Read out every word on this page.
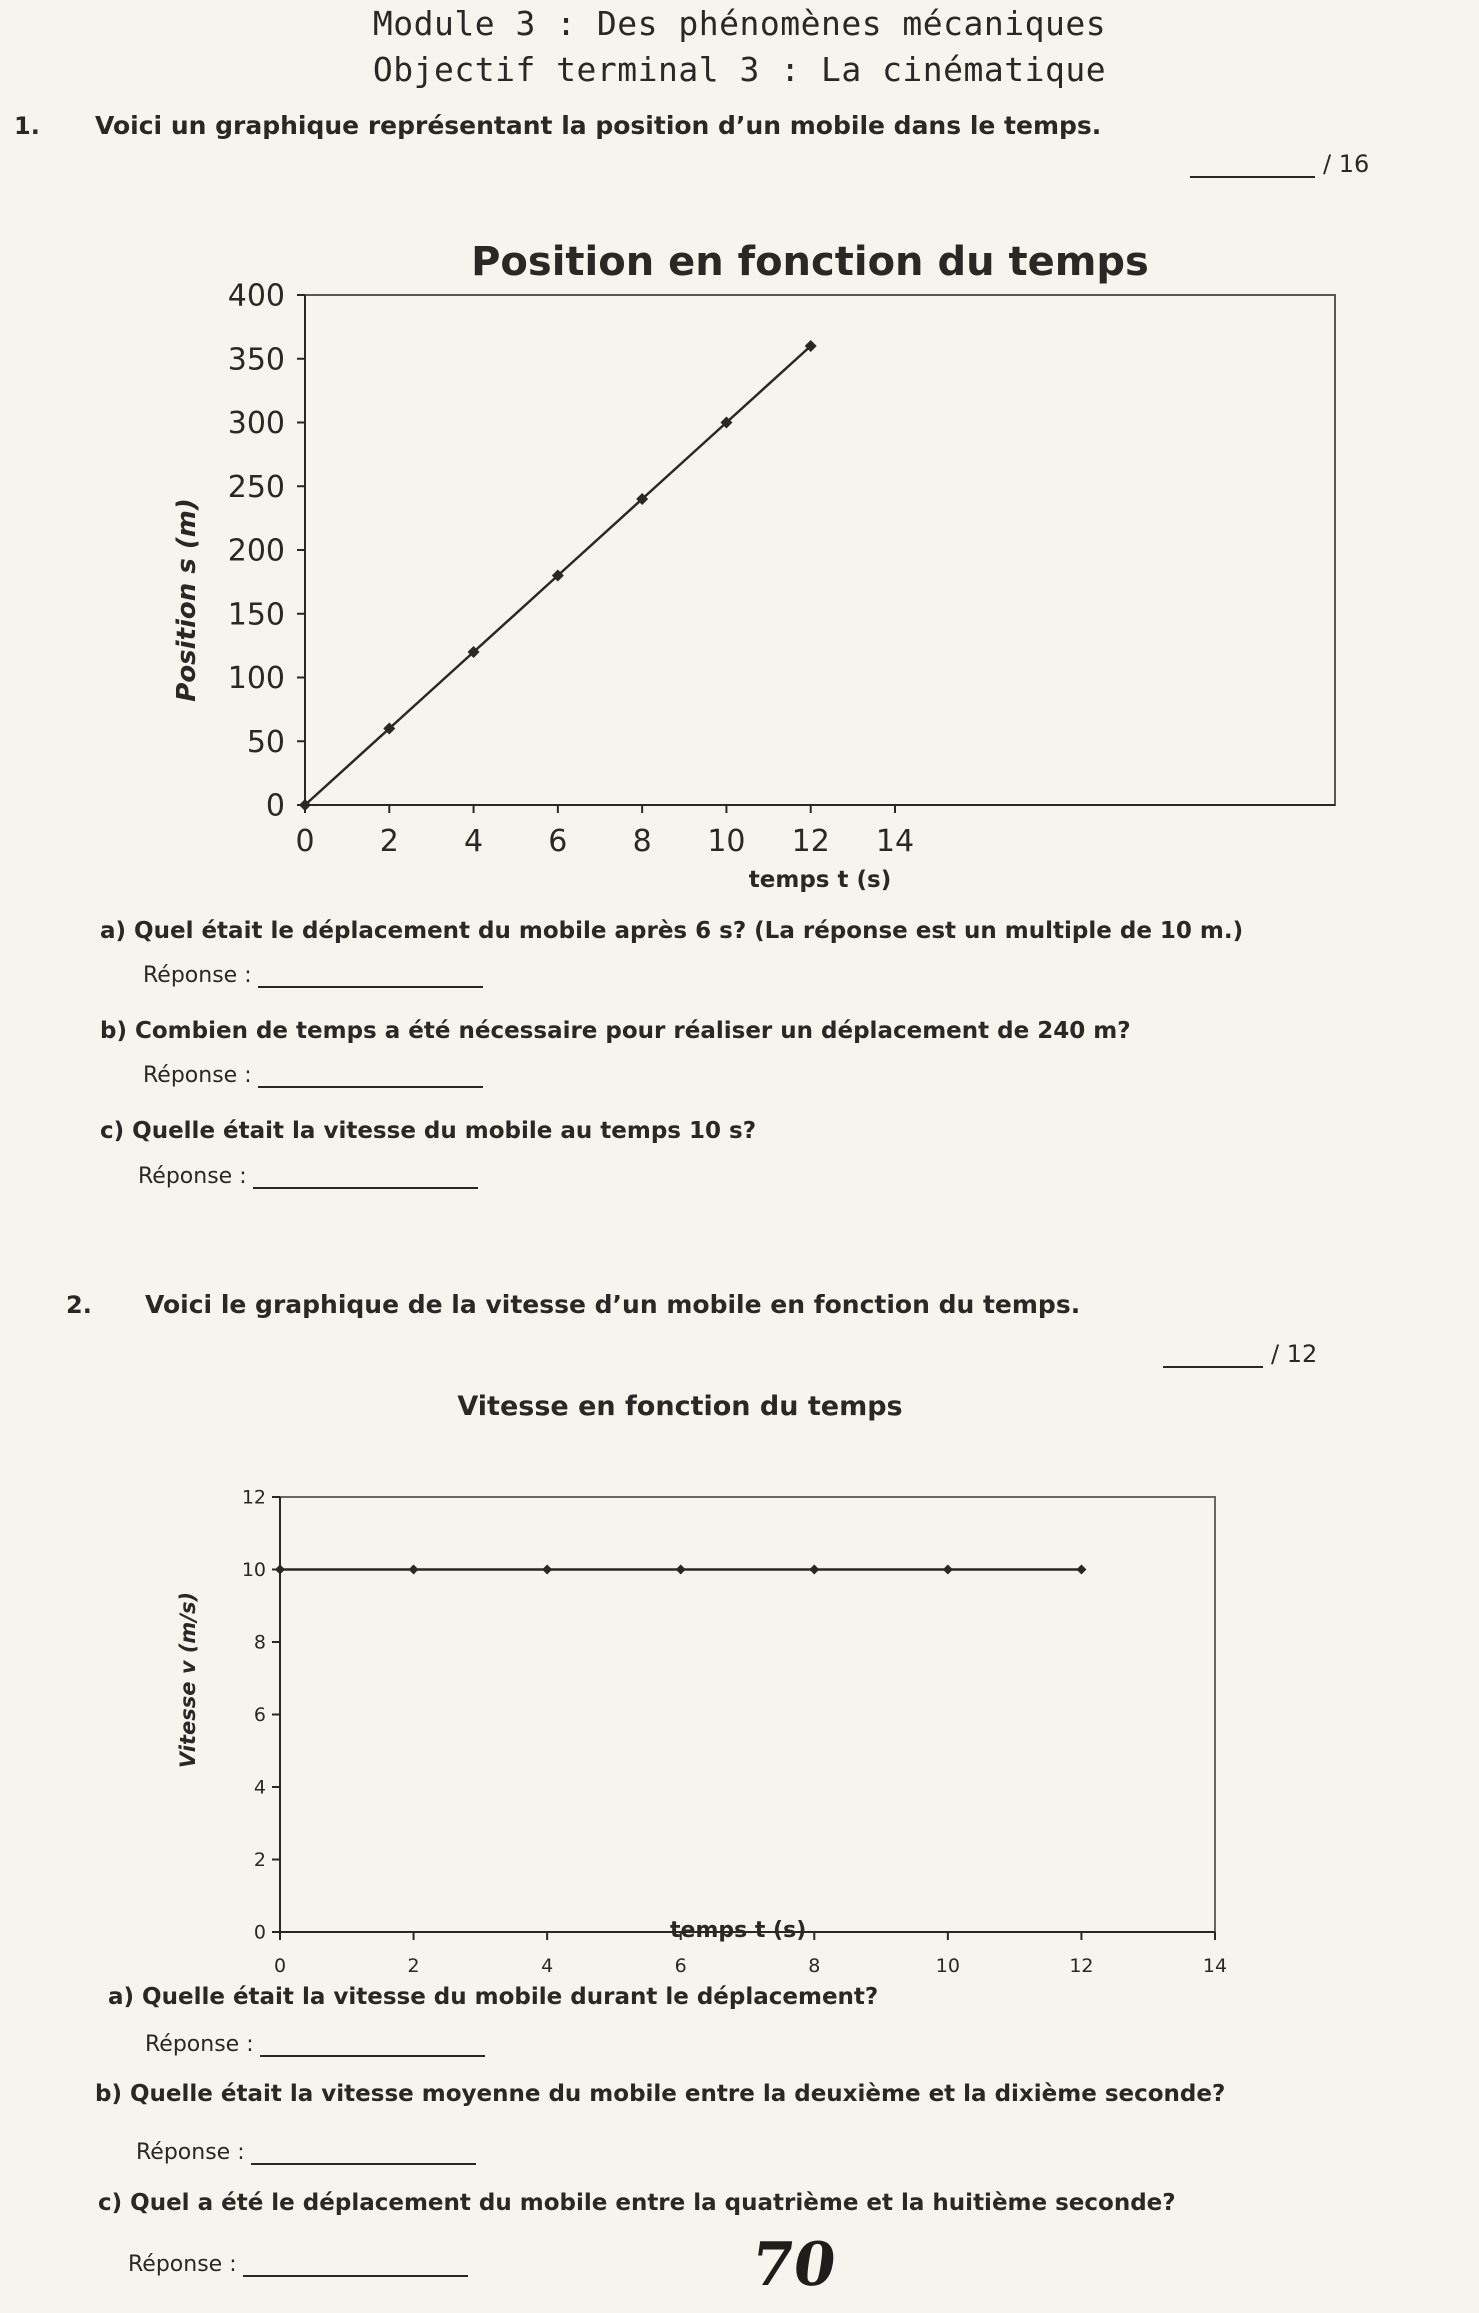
Module 3 : Des phénomènes mécaniques
Objectif terminal 3 : La cinématique
1. Voici un graphique représentant la position d’un mobile dans le temps.
/ 16
Position en fonction du temps
0 2 4 6 8 10 12 14
0
50
100
150
200
250
300
350
400
temps t (s)
Position s (m)
a) Quel était le déplacement du mobile après 6 s? (La réponse est un multiple de 10 m.)
Réponse :
b) Combien de temps a été nécessaire pour réaliser un déplacement de 240 m?
Réponse :
c) Quelle était la vitesse du mobile au temps 10 s?
Réponse :
2. Voici le graphique de la vitesse d’un mobile en fonction du temps.
/ 12
Vitesse en fonction du temps
0	2	4	6	8	10	12	14
0
2
4
6
8
10
12
Vitesse v (m/s)
temps t (s)
a) Quelle était la vitesse du mobile durant le déplacement?
Réponse :
b) Quelle était la vitesse moyenne du mobile entre la deuxième et la dixième seconde?
Réponse :
c) Quel a été le déplacement du mobile entre la quatrième et la huitième seconde?
Réponse :	70
